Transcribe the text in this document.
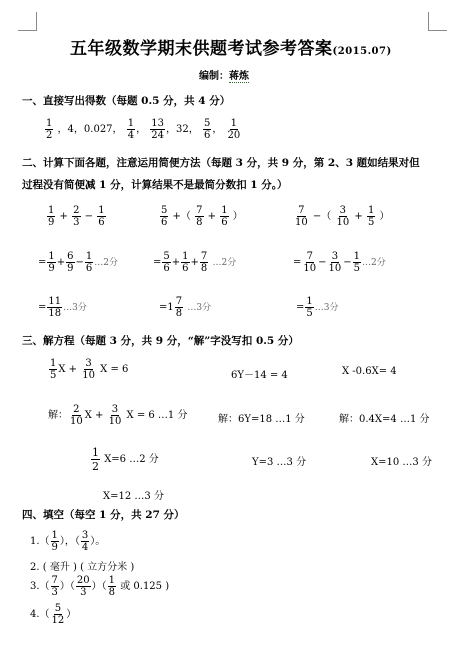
五年级数学期末供题考试参考答案(2015.07)
编制：蒋炼
一、直接写出得数（每题 0.5 分，共 4 分）
$\frac{1}{2}$ ，4，0.027， $\frac{1}{4}$ ， $\frac{13}{24}$ ，32， $\frac{5}{6}$ ， $\frac{1}{20}$
二、计算下面各题，注意运用简便方法（每题 3 分，共 9 分，第 2、3 题如结果对但
过程没有简便减 1 分，计算结果不是最简分数扣 1 分。）
$\frac{1}{9} + \frac{2}{3} - \frac{1}{6}$	$\frac{5}{6}$ +（ $\frac{7}{8} + \frac{1}{6}$ ）	$\frac{7}{10}$ −（ $\frac{3}{10} + \frac{1}{5}$ ）
= $\frac{1}{9} + \frac{6}{9} - \frac{1}{6}$ …2分	= $\frac{5}{6} + \frac{1}{6} + \frac{7}{8}$ …2分	= $\frac{7}{10} - \frac{3}{10} - \frac{1}{5}$ …2分
= $\frac{11}{18}$ …3分	$=1 \frac{7}{8}$ …3分	= $\frac{1}{5}$ …3分
三、解方程（每题 3 分，共 9 分，“解”字没写扣 0.5 分）
$\frac{1}{5}$ $X + \frac{3}{10}$ X = 6
6Y－14 = 4	X -0.6X= 4
解： $\frac{2}{10}$ $X + \frac{3}{10}$ X = 6 …1 分	解：6Y=18 …1 分	解：0.4X=4 …1 分
$\frac{1}{2} X=6$ …2 分	Y=3 …3 分	X=10 …3 分
X=12 …3 分
四、填空（每空 1 分，共 27 分）
$1.( \frac{1}{9}$ ），（ $\frac{3}{4}$ ）。
2. ( 毫升 ) ( 立方分米 )
$3.( \frac{7}{3}$ ）（ $\frac{20}{3}$ ）（ $\frac{1}{8}$ 或 0.125 )
$4.( \frac{5}{12}$ ）
